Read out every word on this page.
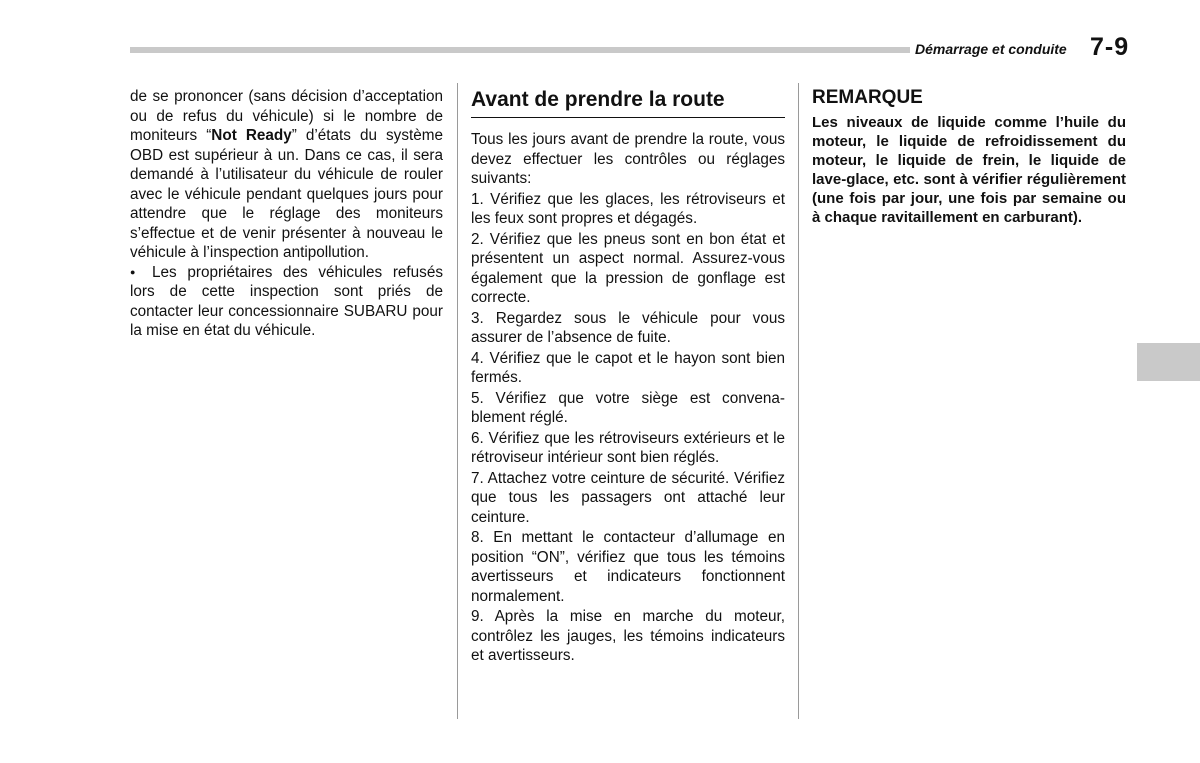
Démarrage et conduite 7-9

de se prononcer (sans décision d’acceptation ou de refus du véhicule) si le nombre de moniteurs “Not Ready” d’états du système OBD est supérieur à un. Dans ce cas, il sera demandé à l’utilisateur du véhicule de rouler avec le véhicule pendant quelques jours pour attendre que le réglage des moniteurs s’effectue et de venir présenter à nouveau le véhicule à l’inspection antipollution.

● Les propriétaires des véhicules refusés lors de cette inspection sont priés de contacter leur concessionnaire SUBARU pour la mise en état du véhicule.

Avant de prendre la route

Tous les jours avant de prendre la route, vous devez effectuer les contrôles ou réglages suivants:

1. Vérifiez que les glaces, les rétroviseurs et les feux sont propres et dégagés.

2. Vérifiez que les pneus sont en bon état et présentent un aspect normal. Assurez-vous également que la pression de gonflage est correcte.

3. Regardez sous le véhicule pour vous assurer de l’absence de fuite.

4. Vérifiez que le capot et le hayon sont bien fermés.

5. Vérifiez que votre siège est convenablement réglé.

6. Vérifiez que les rétroviseurs extérieurs et le rétroviseur intérieur sont bien réglés.

7. Attachez votre ceinture de sécurité. Vérifiez que tous les passagers ont attaché leur ceinture.

8. En mettant le contacteur d’allumage en position “ON”, vérifiez que tous les témoins avertisseurs et indicateurs fonctionnent normalement.

9. Après la mise en marche du moteur, contrôlez les jauges, les témoins indicateurs et avertisseurs.

REMARQUE

Les niveaux de liquide comme l’huile du moteur, le liquide de refroidissement du moteur, le liquide de frein, le liquide de lave-glace, etc. sont à vérifier régulièrement (une fois par jour, une fois par semaine ou à chaque ravitaillement en carburant).
